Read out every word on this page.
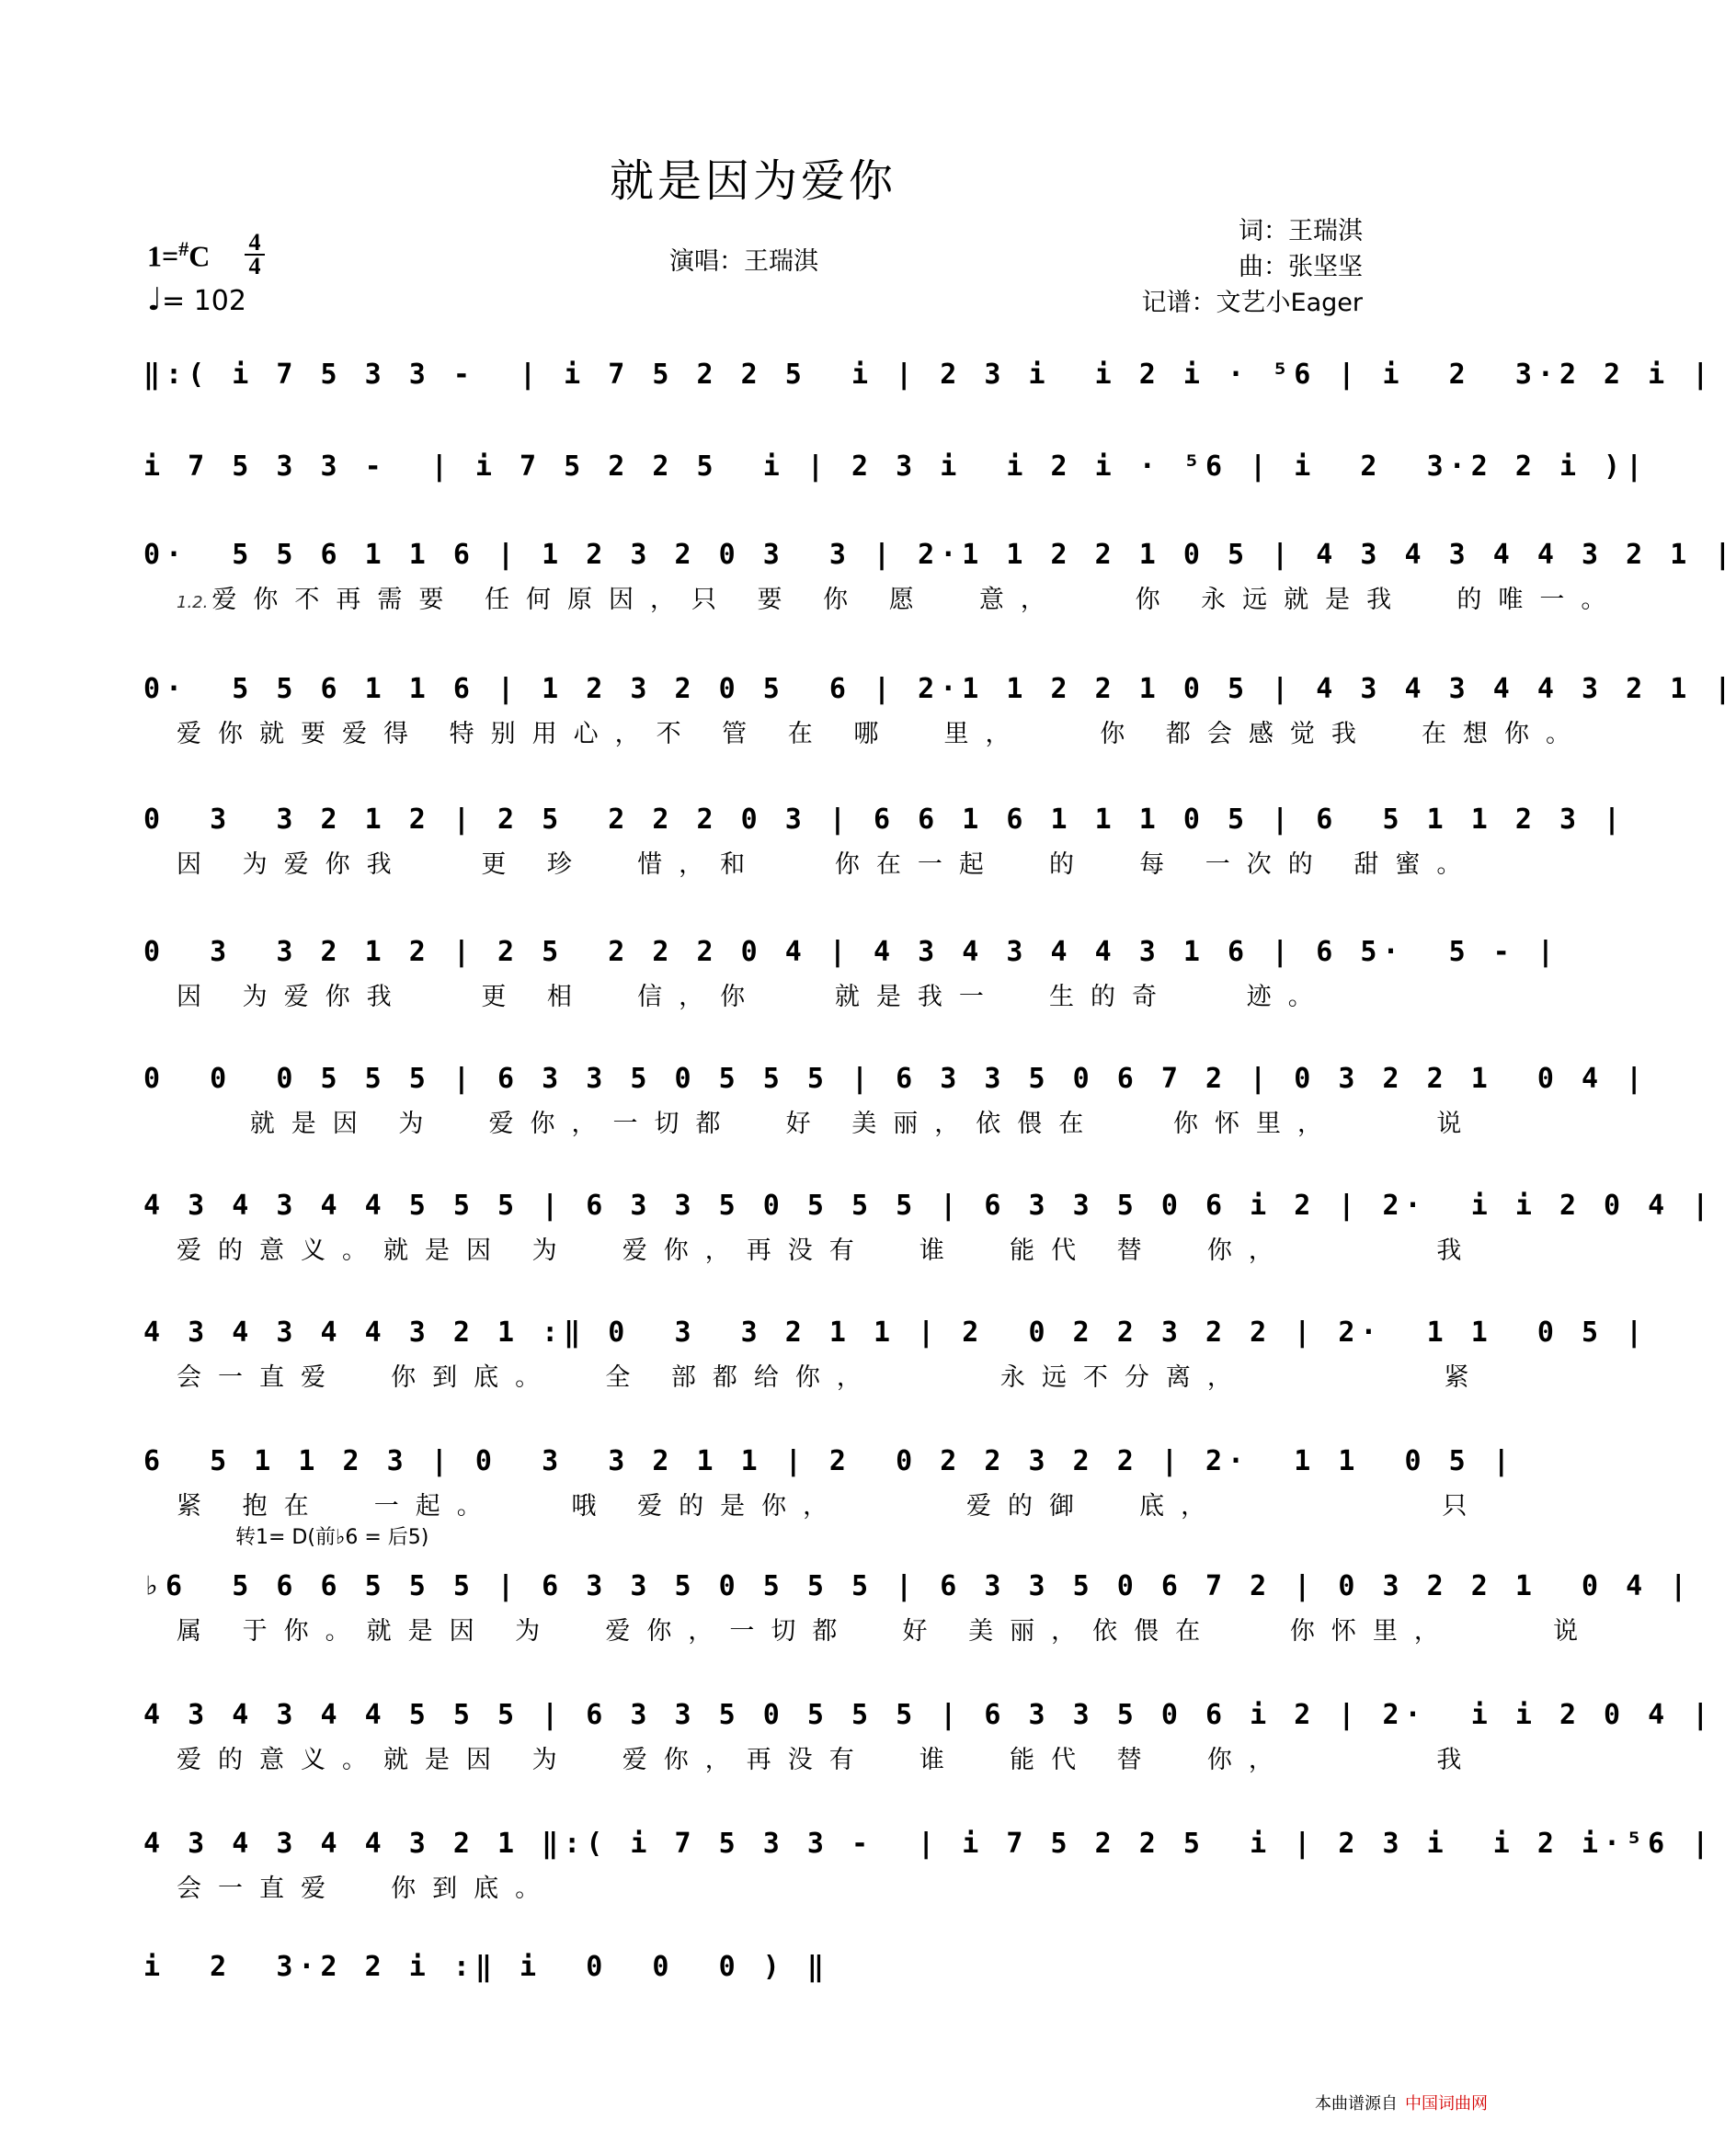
就是因为爱你
1=#C 4
4
♩= 102
演唱：王瑞淇
词：王瑞淇
曲：张坚坚
记谱：文艺小Eager
转1= D(前♭6 = 后5)
‖:( i 7 5 3 3 -  | i 7 5 2 2 5  i | 2 3 i  i 2 i · ⁵6 | i  2  3·2 2 i |
i 7 5 3 3 -  | i 7 5 2 2 5  i | 2 3 i  i 2 i · ⁵6 | i  2  3·2 2 i )|
0·  5 5 6 1 1 6 | 1 2 3 2 0 3  3 | 2·1 1 2 2 1 0 5 | 4 3 4 3 4 4 3 2 1 |
1.2. 爱你不再需要 任何原因，只 要 你 愿  意，   你 永远就是我  的唯一。
0·  5 5 6 1 1 6 | 1 2 3 2 0 5  6 | 2·1 1 2 2 1 0 5 | 4 3 4 3 4 4 3 2 1 |
爱你就要爱得 特别用心，不 管 在 哪  里，   你 都会感觉我  在想你。
0  3  3 2 1 2 | 2 5  2 2 2 0 3 | 6 6 1 6 1 1 1 0 5 | 6  5 1 1 2 3 |
因 为爱你我   更 珍  惜，和   你在一起  的  每 一次的 甜蜜。
0  3  3 2 1 2 | 2 5  2 2 2 0 4 | 4 3 4 3 4 4 3 1 6 | 6 5·  5 - |
因 为爱你我   更 相  信，你   就是我一  生的奇   迹。
0  0  0 5 5 5 | 6 3 3 5 0 5 5 5 | 6 3 3 5 0 6 7 2 | 0 3 2 2 1  0 4 |
就是因 为  爱你，一切都  好 美丽，依偎在   你怀里，    说
4 3 4 3 4 4 5 5 5 | 6 3 3 5 0 5 5 5 | 6 3 3 5 0 6 i 2 | 2·  i i 2 0 4 |
爱的意义。就是因 为  爱你，再没有  谁  能代 替  你，      我
4 3 4 3 4 4 3 2 1 :‖ 0  3  3 2 1 1 | 2  0 2 2 3 2 2 | 2·  1 1  0 5 |
会一直爱  你到底。  全 部都给你，     永远不分离，        紧
6  5 1 1 2 3 | 0  3  3 2 1 1 | 2  0 2 2 3 2 2 | 2·  1 1  0 5 |
紧 抱在  一起。   哦 爱的是你，     爱的御  底，         只
♭6  5 6 6 5 5 5 | 6 3 3 5 0 5 5 5 | 6 3 3 5 0 6 7 2 | 0 3 2 2 1  0 4 |
属 于你。就是因 为  爱你，一切都  好 美丽，依偎在   你怀里，    说
4 3 4 3 4 4 5 5 5 | 6 3 3 5 0 5 5 5 | 6 3 3 5 0 6 i 2 | 2·  i i 2 0 4 |
爱的意义。就是因 为  爱你，再没有  谁  能代 替  你，      我
4 3 4 3 4 4 3 2 1 ‖:( i 7 5 3 3 -  | i 7 5 2 2 5  i | 2 3 i  i 2 i·⁵6 |
会一直爱  你到底。
i  2  3·2 2 i :‖ i  0  0  0 ) ‖
本曲谱源自 中国词曲网
